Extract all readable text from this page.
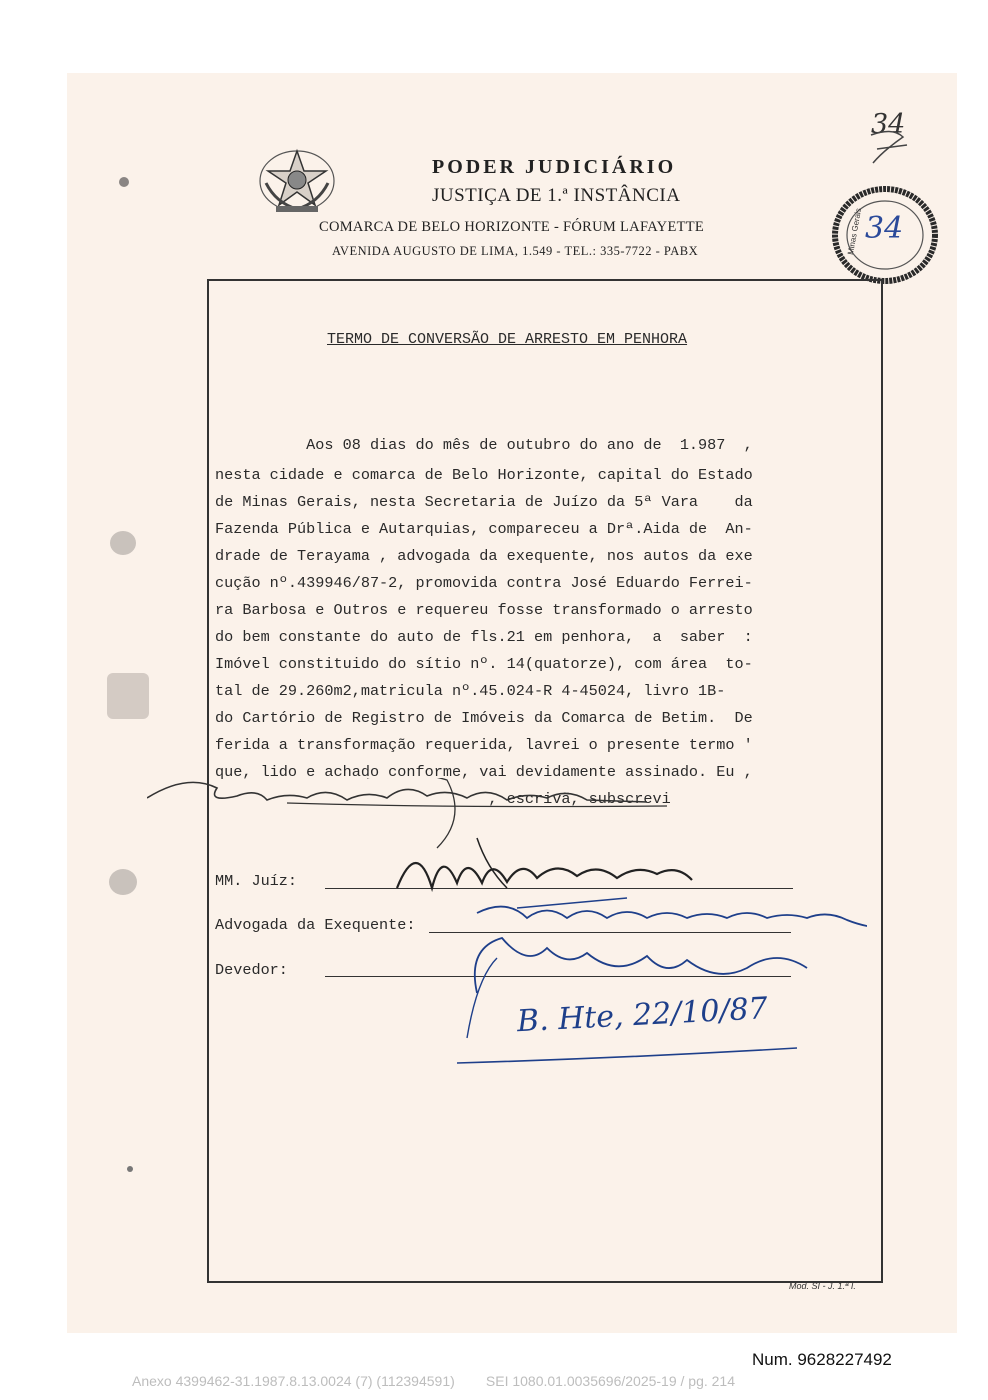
PODER JUDICIÁRIO
JUSTIÇA DE 1.ª INSTÂNCIA
COMARCA DE BELO HORIZONTE - FÓRUM LAFAYETTE
AVENIDA AUGUSTO DE LIMA, 1.549 - TEL.: 335-7722 - PABX
34
Minas Gerais 34
TERMO DE CONVERSÃO DE ARRESTO EM PENHORA
Aos 08 dias do mês de outubro do ano de  1.987  ,
nesta cidade e comarca de Belo Horizonte, capital do Estado
de Minas Gerais, nesta Secretaria de Juízo da 5ª Vara    da
Fazenda Pública e Autarquias, compareceu a Drª.Aida de  An-
drade de Terayama , advogada da exequente, nos autos da exe
cução nº.439946/87-2, promovida contra José Eduardo Ferrei-
ra Barbosa e Outros e requereu fosse transformado o arresto
do bem constante do auto de fls.21 em penhora,  a  saber  :
Imóvel constituido do sítio nº. 14(quatorze), com área  to-
tal de 29.260m2,matricula nº.45.024-R 4-45024, livro 1B-
do Cartório de Registro de Imóveis da Comarca de Betim.  De
ferida a transformação requerida, lavrei o presente termo '
que, lido e achado conforme, vai devidamente assinado. Eu ,
, escrivã, subscrevi
MM. Juíz:
Advogada da Exequente:
Devedor:
B. Hte, 22/10/87
Mod. SI - J. 1.ª I.
Num. 9628227492
Anexo 4399462-31.1987.8.13.0024 (7) (112394591)        SEI 1080.01.0035696/2025-19 / pg. 214
